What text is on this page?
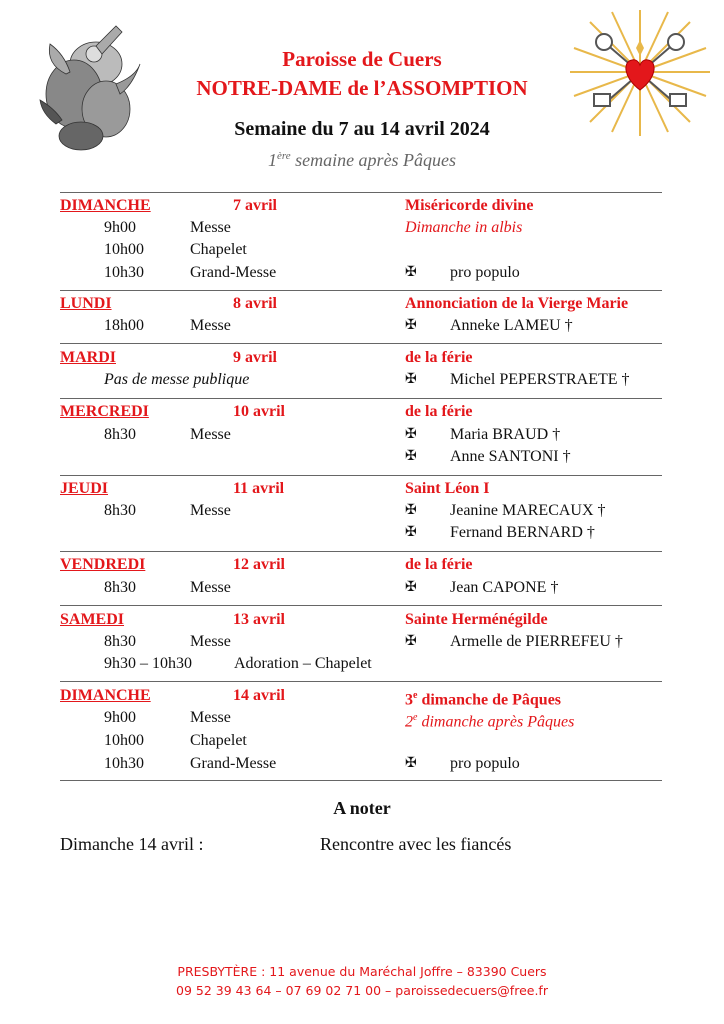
Paroisse de Cuers
NOTRE-DAME de l’ASSOMPTION
Semaine du 7 au 14 avril 2024
1ère semaine après Pâques
DIMANCHE	7 avril	Miséricorde divine
9h00	Messe	Dimanche in albis
10h00	Chapelet
10h30	Grand-Messe	✠ pro populo
LUNDI	8 avril	Annonciation de la Vierge Marie
18h00	Messe	✠ Anneke LAMEU †
MARDI	9 avril	de la férie
Pas de messe publique	✠ Michel PEPERSTRAETE †
MERCREDI	10 avril	de la férie
8h30	Messe	✠ Maria BRAUD †
✠ Anne SANTONI †
JEUDI	11 avril	Saint Léon I
8h30	Messe	✠ Jeanine MARECAUX †
✠ Fernand BERNARD †
VENDREDI	12 avril	de la férie
8h30	Messe	✠ Jean CAPONE †
SAMEDI	13 avril	Sainte Herménégilde
8h30	Messe	✠ Armelle de PIERREFEU †
9h30 – 10h30	Adoration – Chapelet
DIMANCHE	14 avril	3e dimanche de Pâques
9h00	Messe	2e dimanche après Pâques
10h00	Chapelet
10h30	Grand-Messe	✠ pro populo
A noter
Dimanche 14 avril :	Rencontre avec les fiancés
PRESBYTÈRE : 11 avenue du Maréchal Joffre – 83390 Cuers
09 52 39 43 64 – 07 69 02 71 00 – paroissedecuers@free.fr
